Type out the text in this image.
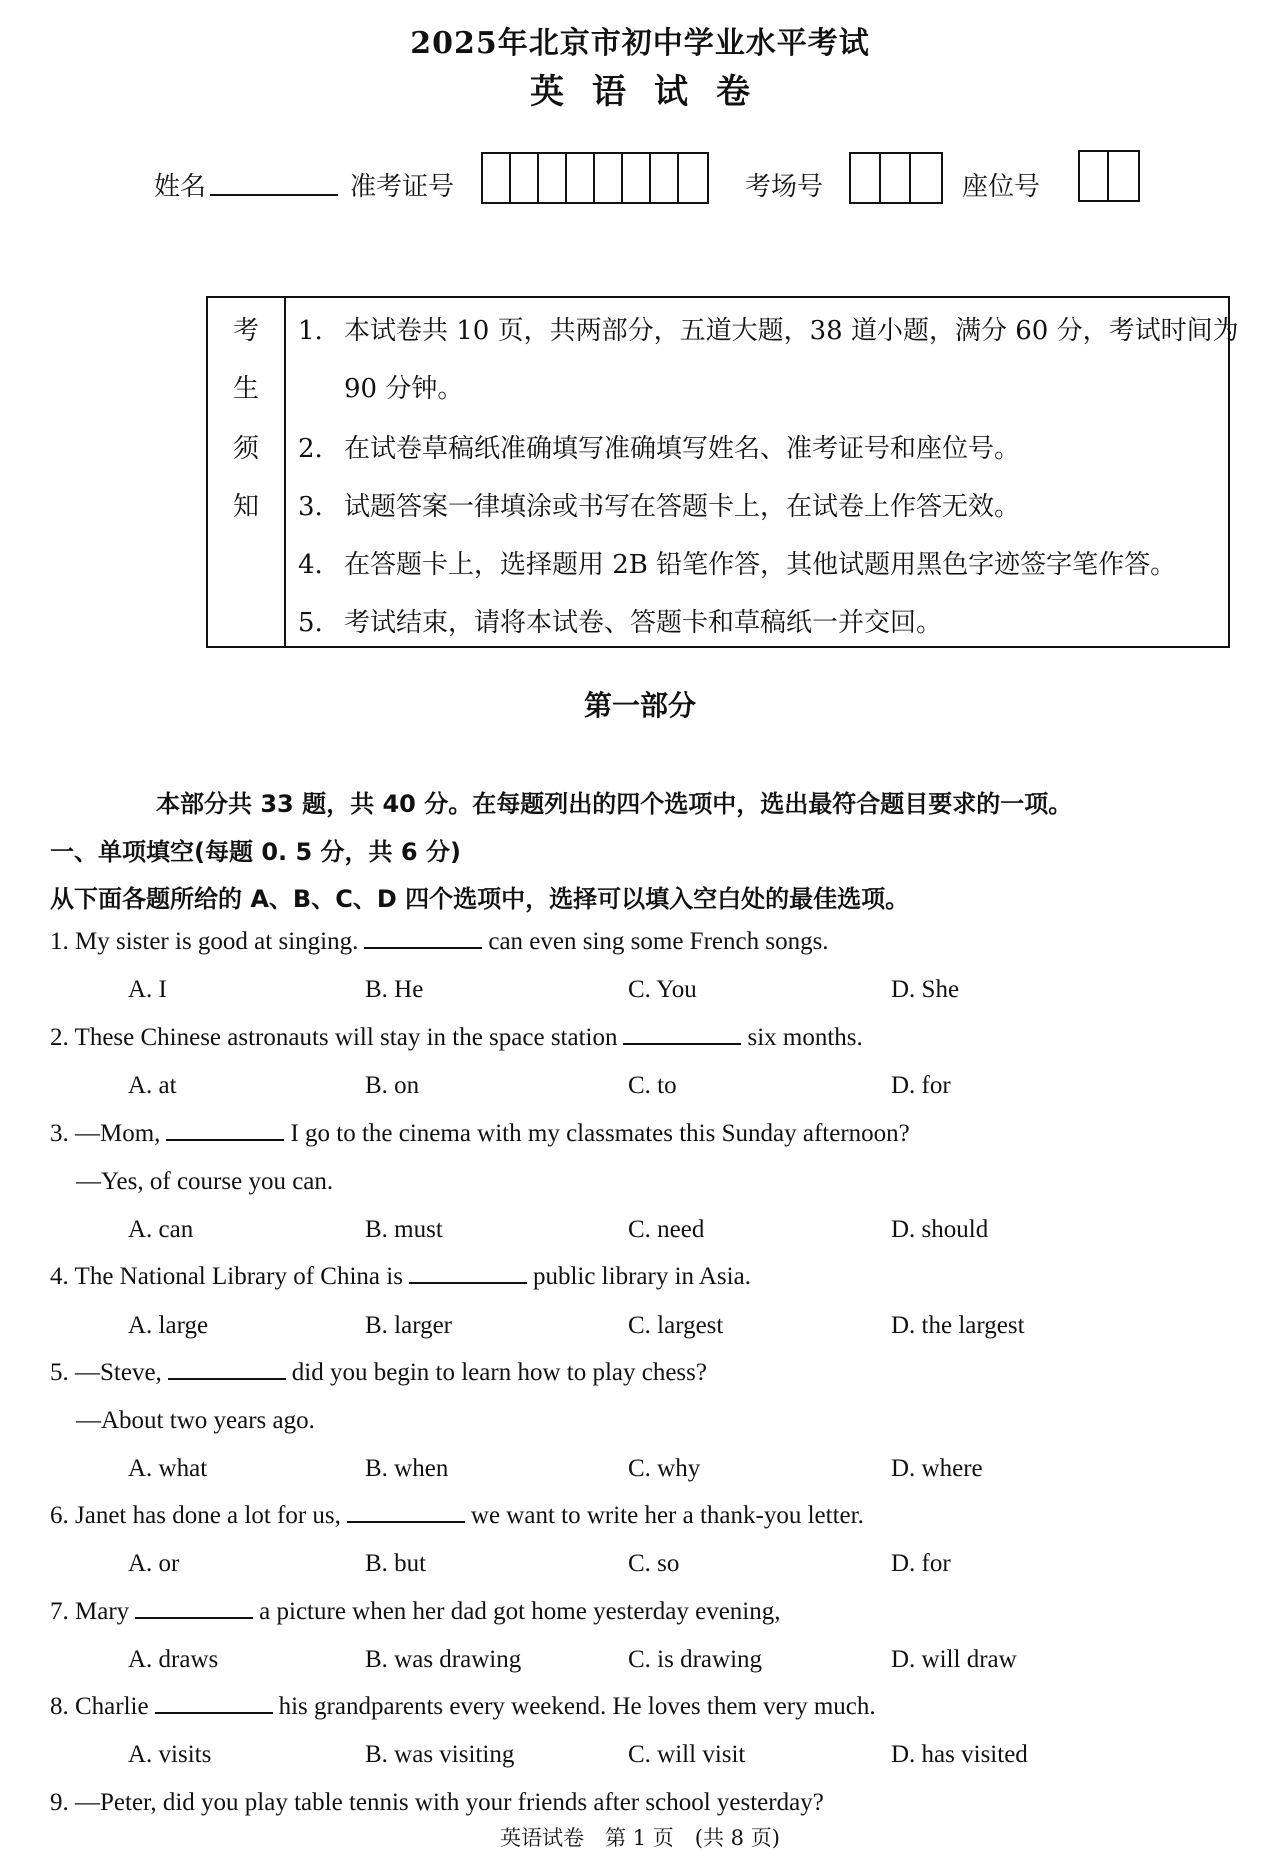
2025年北京市初中学业水平考试
英 语 试 卷
姓名	准考证号	考场号	座位号
考
生
须
知
1. 本试卷共 10 页，共两部分，五道大题，38 道小题，满分 60 分，考试时间为
90 分钟。
2. 在试卷草稿纸准确填写准确填写姓名、准考证号和座位号。
3. 试题答案一律填涂或书写在答题卡上，在试卷上作答无效。
4. 在答题卡上，选择题用 2B 铅笔作答，其他试题用黑色字迹签字笔作答。
5. 考试结束，请将本试卷、答题卡和草稿纸一并交回。
第一部分
本部分共 33 题，共 40 分。在每题列出的四个选项中，选出最符合题目要求的一项。
一、单项填空(每题 0. 5 分，共 6 分)
从下面各题所给的 A、B、C、D 四个选项中，选择可以填入空白处的最佳选项。
1. My sister is good at singing.	can even sing some French songs.
A. I	B. He	C. You	D. She
2. These Chinese astronauts will stay in the space station	six months.
A. at	B. on	C. to	D. for
3. —Mom,	I go to the cinema with my classmates this Sunday afternoon?
—Yes, of course you can.
A. can	B. must	C. need	D. should
4. The National Library of China is	public library in Asia.
A. large	B. larger	C. largest	D. the largest
5. —Steve,	did you begin to learn how to play chess?
—About two years ago.
A. what	B. when	C. why	D. where
6. Janet has done a lot for us,	we want to write her a thank-you letter.
A. or	B. but	C. so	D. for
7. Mary	a picture when her dad got home yesterday evening,
A. draws	B. was drawing	C. is drawing	D. will draw
8. Charlie	his grandparents every weekend. He loves them very much.
A. visits	B. was visiting	C. will visit	D. has visited
9. —Peter, did you play table tennis with your friends after school yesterday?
英语试卷　第 1 页　(共 8 页)
